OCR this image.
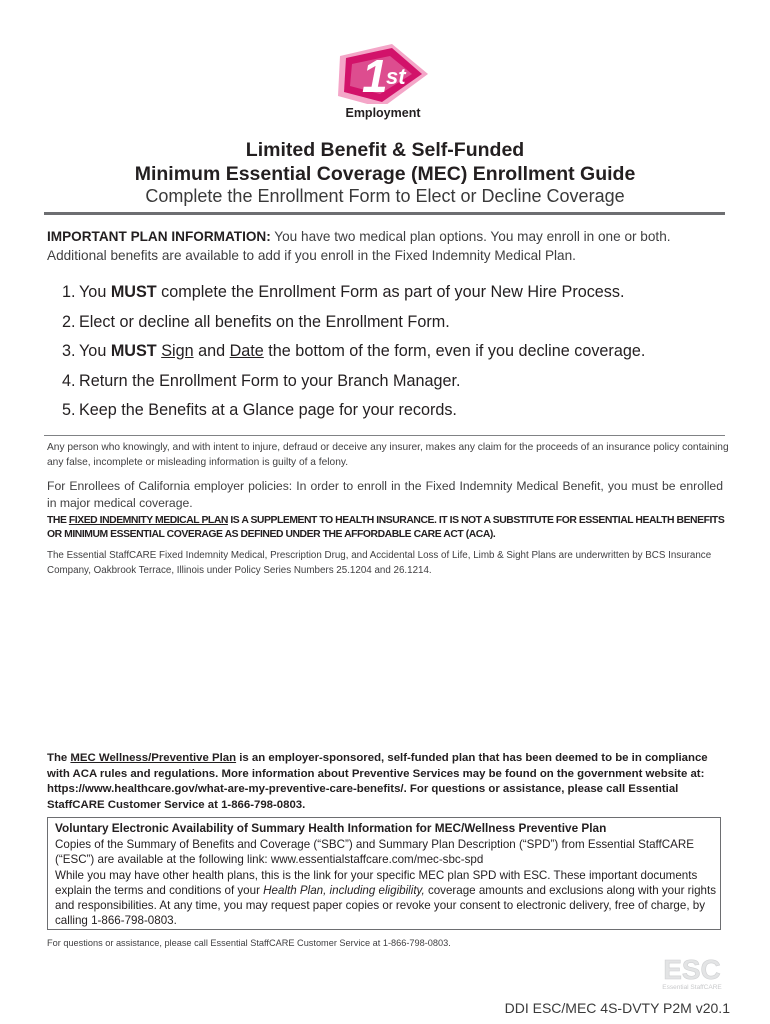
1
st
Employment
Limited Benefit & Self-Funded
Minimum Essential Coverage (MEC) Enrollment Guide
Complete the Enrollment Form to Elect or Decline Coverage
IMPORTANT PLAN INFORMATION: You have two medical plan options. You may enroll in one or both. Additional benefits are available to add if you enroll in the Fixed Indemnity Medical Plan.
1. You MUST complete the Enrollment Form as part of your New Hire Process.
2. Elect or decline all benefits on the Enrollment Form.
3. You MUST Sign and Date the bottom of the form, even if you decline coverage.
4. Return the Enrollment Form to your Branch Manager.
5. Keep the Benefits at a Glance page for your records.
Any person who knowingly, and with intent to injure, defraud or deceive any insurer, makes any claim for the proceeds of an insurance policy containing any false, incomplete or misleading information is guilty of a felony.
For Enrollees of California employer policies: In order to enroll in the Fixed Indemnity Medical Benefit, you must be enrolled in major medical coverage.
THE FIXED INDEMNITY MEDICAL PLAN IS A SUPPLEMENT TO HEALTH INSURANCE. IT IS NOT A SUBSTITUTE FOR ESSENTIAL HEALTH BENEFITS OR MINIMUM ESSENTIAL COVERAGE AS DEFINED UNDER THE AFFORDABLE CARE ACT (ACA).
The Essential StaffCARE Fixed Indemnity Medical, Prescription Drug, and Accidental Loss of Life, Limb & Sight Plans are underwritten by BCS Insurance Company, Oakbrook Terrace, Illinois under Policy Series Numbers 25.1204 and 26.1214.
The MEC Wellness/Preventive Plan is an employer-sponsored, self-funded plan that has been deemed to be in compliance with ACA rules and regulations. More information about Preventive Services may be found on the government website at: https://www.healthcare.gov/what-are-my-preventive-care-benefits/. For questions or assistance, please call Essential StaffCARE Customer Service at 1-866-798-0803.
Voluntary Electronic Availability of Summary Health Information for MEC/Wellness Preventive Plan
Copies of the Summary of Benefits and Coverage (“SBC”) and Summary Plan Description (“SPD”) from Essential StaffCARE (“ESC”) are available at the following link: www.essentialstaffcare.com/mec-sbc-spd
While you may have other health plans, this is the link for your specific MEC plan SPD with ESC. These important documents explain the terms and conditions of your Health Plan, including eligibility, coverage amounts and exclusions along with your rights and responsibilities. At any time, you may request paper copies or revoke your consent to electronic delivery, free of charge, by calling 1-866-798-0803.
For questions or assistance, please call Essential StaffCARE Customer Service at 1-866-798-0803.
ESC
Essential StaffCARE
DDI ESC/MEC 4S-DVTY P2M v20.1
